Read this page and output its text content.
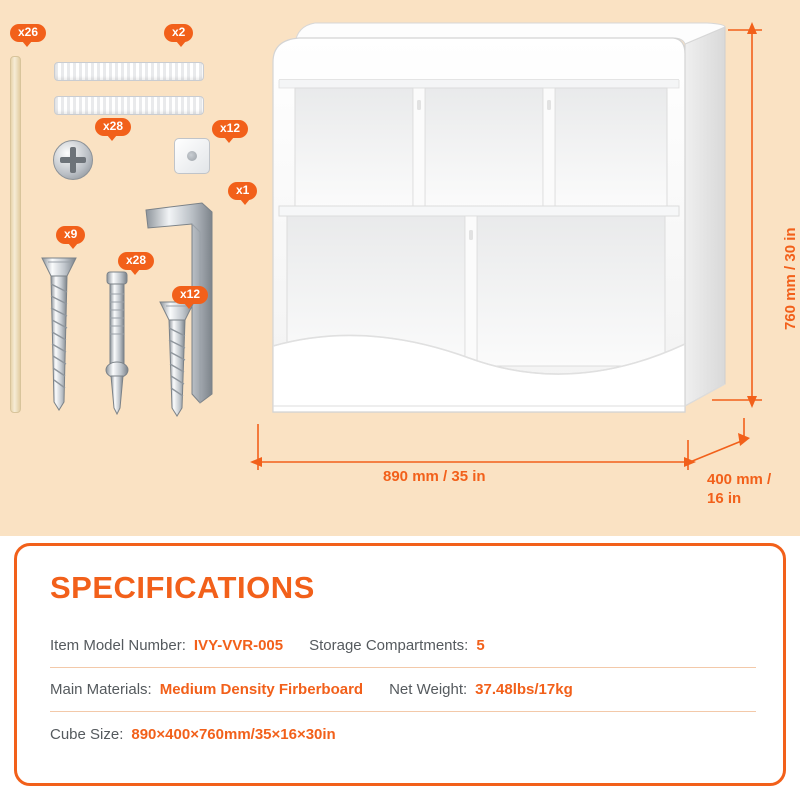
x26	x2
x28	x12
x1
x9
x28
x12	760 mm / 30 in
890 mm / 35 in	400 mm / 16 in
SPECIFICATIONS
Item Model Number: IVY-VVR-005 Storage Compartments: 5
Main Materials: Medium Density Firberboard Net Weight: 37.48lbs/17kg
Cube Size: 890×400×760mm/35×16×30in
